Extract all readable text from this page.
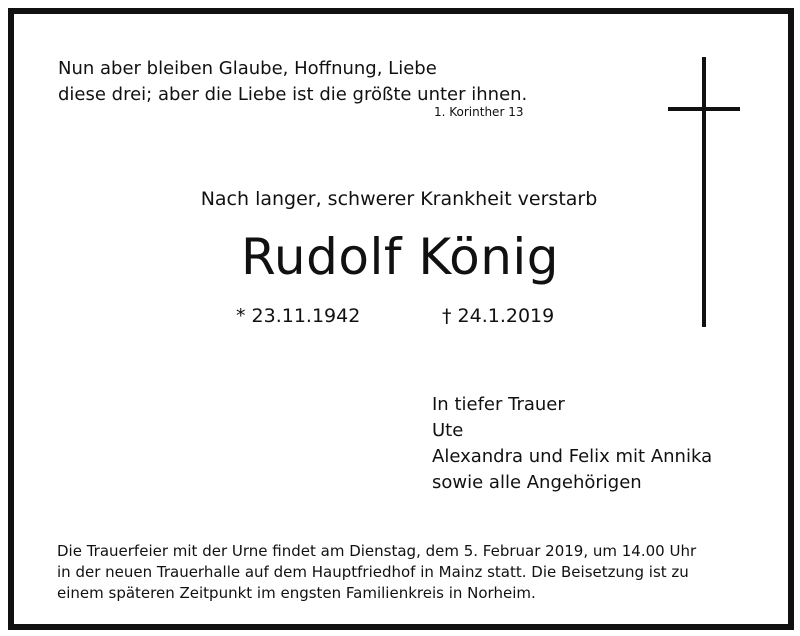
Nun aber bleiben Glaube, Hoffnung, Liebe
diese drei; aber die Liebe ist die größte unter ihnen.
1. Korinther 13
Nach langer, schwerer Krankheit verstarb
Rudolf König
* 23.11.1942	† 24.1.2019
In tiefer Trauer
Ute
Alexandra und Felix mit Annika
sowie alle Angehörigen
Die Trauerfeier mit der Urne findet am Dienstag, dem 5. Februar 2019, um 14.00 Uhr
in der neuen Trauerhalle auf dem Hauptfriedhof in Mainz statt. Die Beisetzung ist zu
einem späteren Zeitpunkt im engsten Familienkreis in Norheim.
